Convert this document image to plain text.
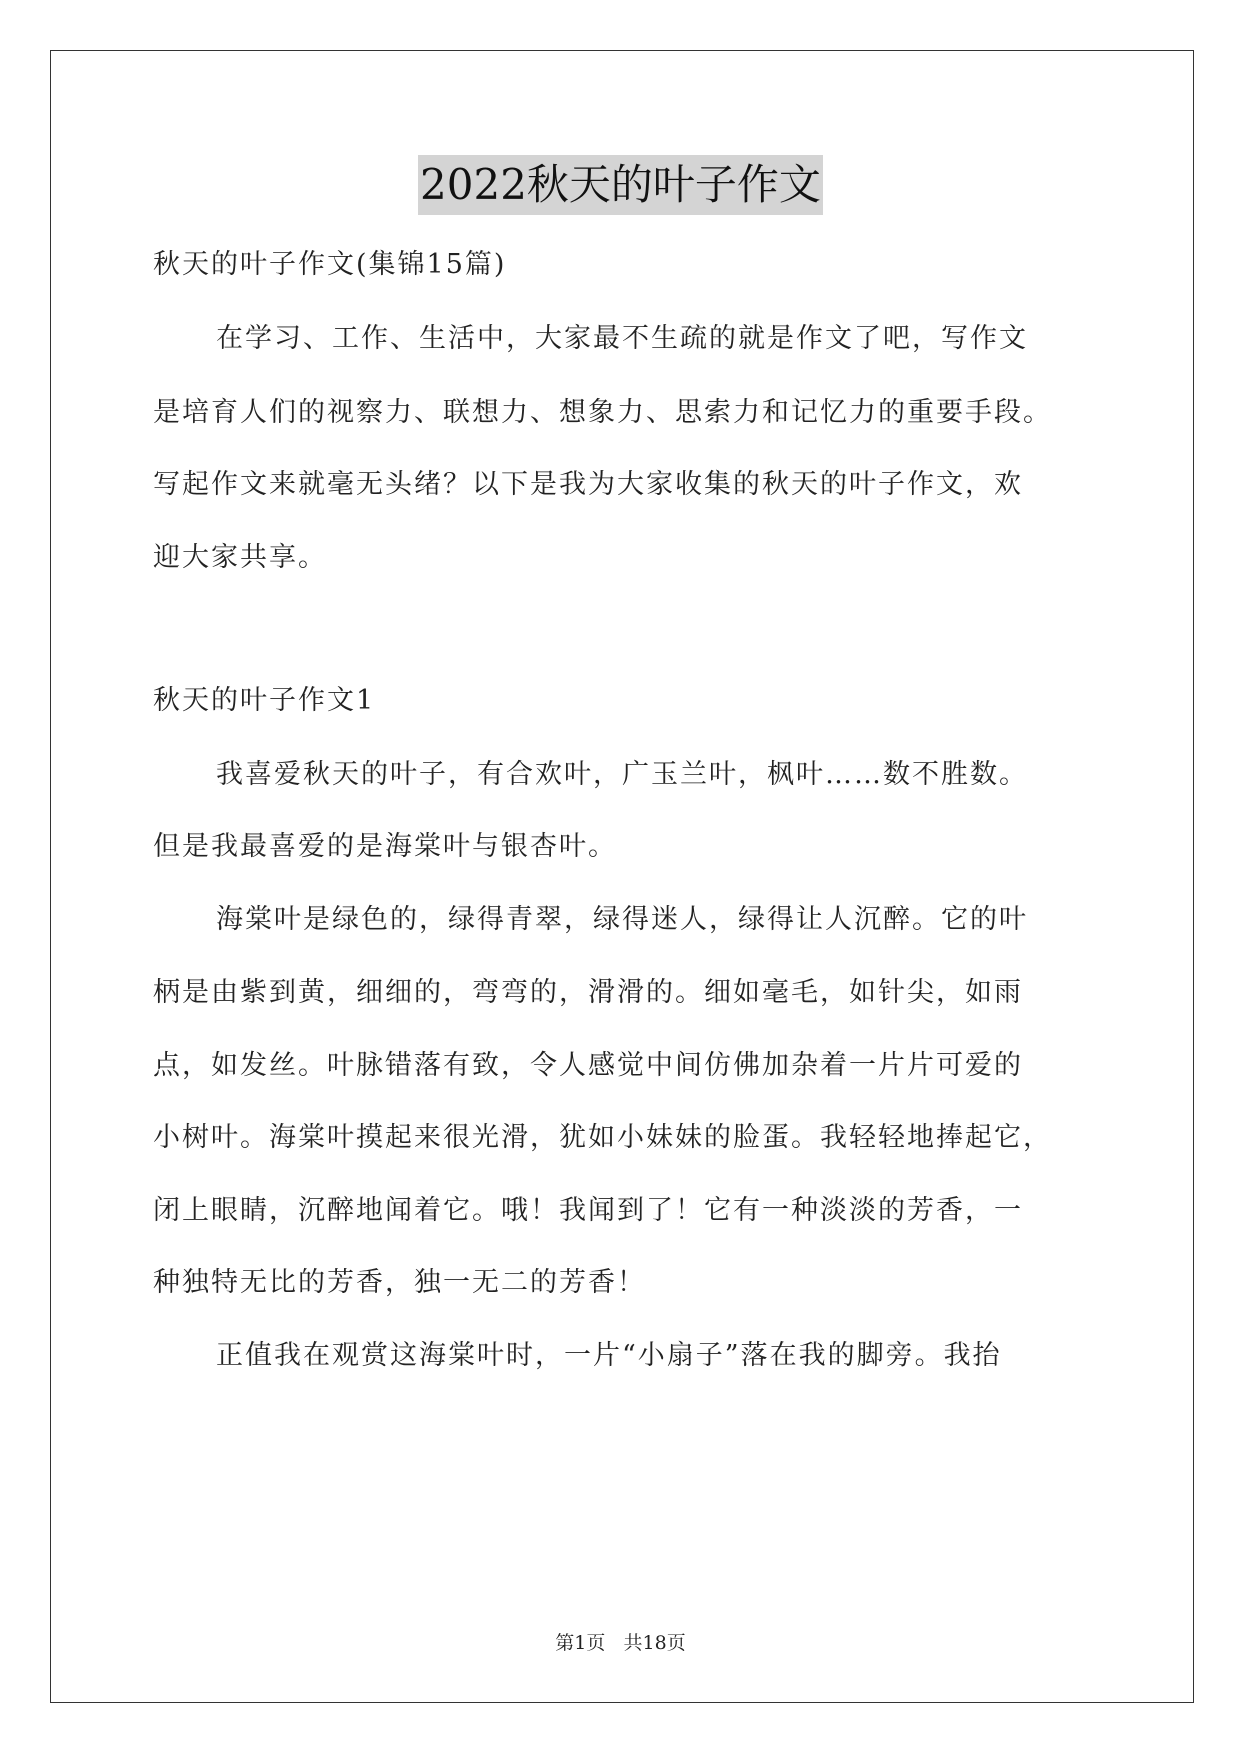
2022秋天的叶子作文
秋天的叶子作文(集锦15篇)
在学习、工作、生活中，大家最不生疏的就是作文了吧，写作文
是培育人们的视察力、联想力、想象力、思索力和记忆力的重要手段。
写起作文来就毫无头绪？以下是我为大家收集的秋天的叶子作文，欢
迎大家共享。
秋天的叶子作文1
我喜爱秋天的叶子，有合欢叶，广玉兰叶，枫叶……数不胜数。
但是我最喜爱的是海棠叶与银杏叶。
海棠叶是绿色的，绿得青翠，绿得迷人，绿得让人沉醉。它的叶
柄是由紫到黄，细细的，弯弯的，滑滑的。细如毫毛，如针尖，如雨
点，如发丝。叶脉错落有致，令人感觉中间仿佛加杂着一片片可爱的
小树叶。海棠叶摸起来很光滑，犹如小妹妹的脸蛋。我轻轻地捧起它，
闭上眼睛，沉醉地闻着它。哦！我闻到了！它有一种淡淡的芳香，一
种独特无比的芳香，独一无二的芳香！
正值我在观赏这海棠叶时，一片“小扇子”落在我的脚旁。我抬
第1页 共18页
